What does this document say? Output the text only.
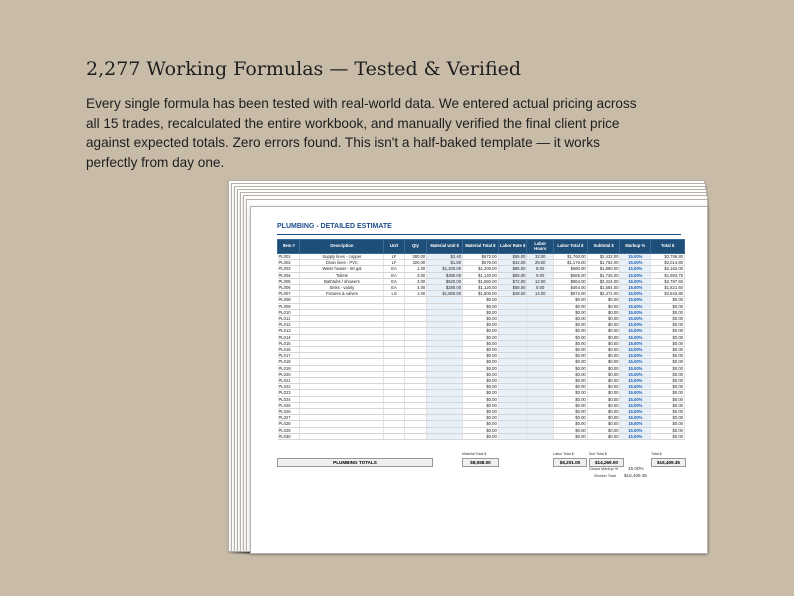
2,277 Working Formulas — Tested & Verified
Every single formula has been tested with real-world data. We entered actual pricing across
all 15 trades, recalculated the entire workbook, and manually verified the final client price
against expected totals. Zero errors found. This isn't a half-baked template — it works
perfectly from day one.
PLUMBING - DETAILED ESTIMATE
Item #	Description	Unit	Qty	Material Unit $	Material Total $	Labor Rate $	Labor Hours	Labor Total $	Subtotal $	Markup %	Total $
PL001	Supply lines - copper	LF	280.00	$2.40	$672.00	$55.00	32.00	$1,760.00	$2,432.00	15.00%	$2,796.80
PL002	Drain lines - PVC	LF	320.00	$1.80	$576.00	$42.00	28.00	$1,176.00	$1,752.00	15.00%	$2,014.80
PL003	Water heater - 50 gal	EA	1.00	$1,200.00	$1,200.00	$85.00	8.00	$680.00	$1,880.00	15.00%	$2,162.00
PL004	Toilets	EA	3.00	$380.00	$1,140.00	$65.00	9.00	$585.00	$1,725.00	15.00%	$1,983.75
PL005	Bathtubs / showers	EA	3.00	$520.00	$1,560.00	$72.00	12.00	$864.00	$2,424.00	15.00%	$2,787.60
PL006	Sinks - vanity	EA	4.00	$280.00	$1,120.00	$58.00	8.00	$464.00	$1,584.00	15.00%	$1,821.60
PL007	Fixtures & valves	LS	1.00	$1,800.00	$1,800.00	$48.00	14.00	$672.00	$2,472.00	15.00%	$2,842.80
PL008					$0.00			$0.00	$0.00	15.00%	$0.00
PL009					$0.00			$0.00	$0.00	15.00%	$0.00
PL010					$0.00			$0.00	$0.00	15.00%	$0.00
PL011					$0.00			$0.00	$0.00	15.00%	$0.00
PL012					$0.00			$0.00	$0.00	15.00%	$0.00
PL013					$0.00			$0.00	$0.00	15.00%	$0.00
PL014					$0.00			$0.00	$0.00	15.00%	$0.00
PL015					$0.00			$0.00	$0.00	15.00%	$0.00
PL016					$0.00			$0.00	$0.00	15.00%	$0.00
PL017					$0.00			$0.00	$0.00	15.00%	$0.00
PL018					$0.00			$0.00	$0.00	15.00%	$0.00
PL019					$0.00			$0.00	$0.00	15.00%	$0.00
PL020					$0.00			$0.00	$0.00	15.00%	$0.00
PL021					$0.00			$0.00	$0.00	15.00%	$0.00
PL022					$0.00			$0.00	$0.00	15.00%	$0.00
PL023					$0.00			$0.00	$0.00	15.00%	$0.00
PL024					$0.00			$0.00	$0.00	15.00%	$0.00
PL025					$0.00			$0.00	$0.00	15.00%	$0.00
PL026					$0.00			$0.00	$0.00	15.00%	$0.00
PL027					$0.00			$0.00	$0.00	15.00%	$0.00
PL028					$0.00			$0.00	$0.00	15.00%	$0.00
PL029					$0.00			$0.00	$0.00	15.00%	$0.00
PL030					$0.00			$0.00	$0.00	15.00%	$0.00
PLUMBING TOTALS
Material Total $
$8,068.00
Labor Total $
$6,201.00
Sub Total $
$14,269.00
Total $
$16,409.35
Global Markup % 15.00%
Section Total $16,409.35
